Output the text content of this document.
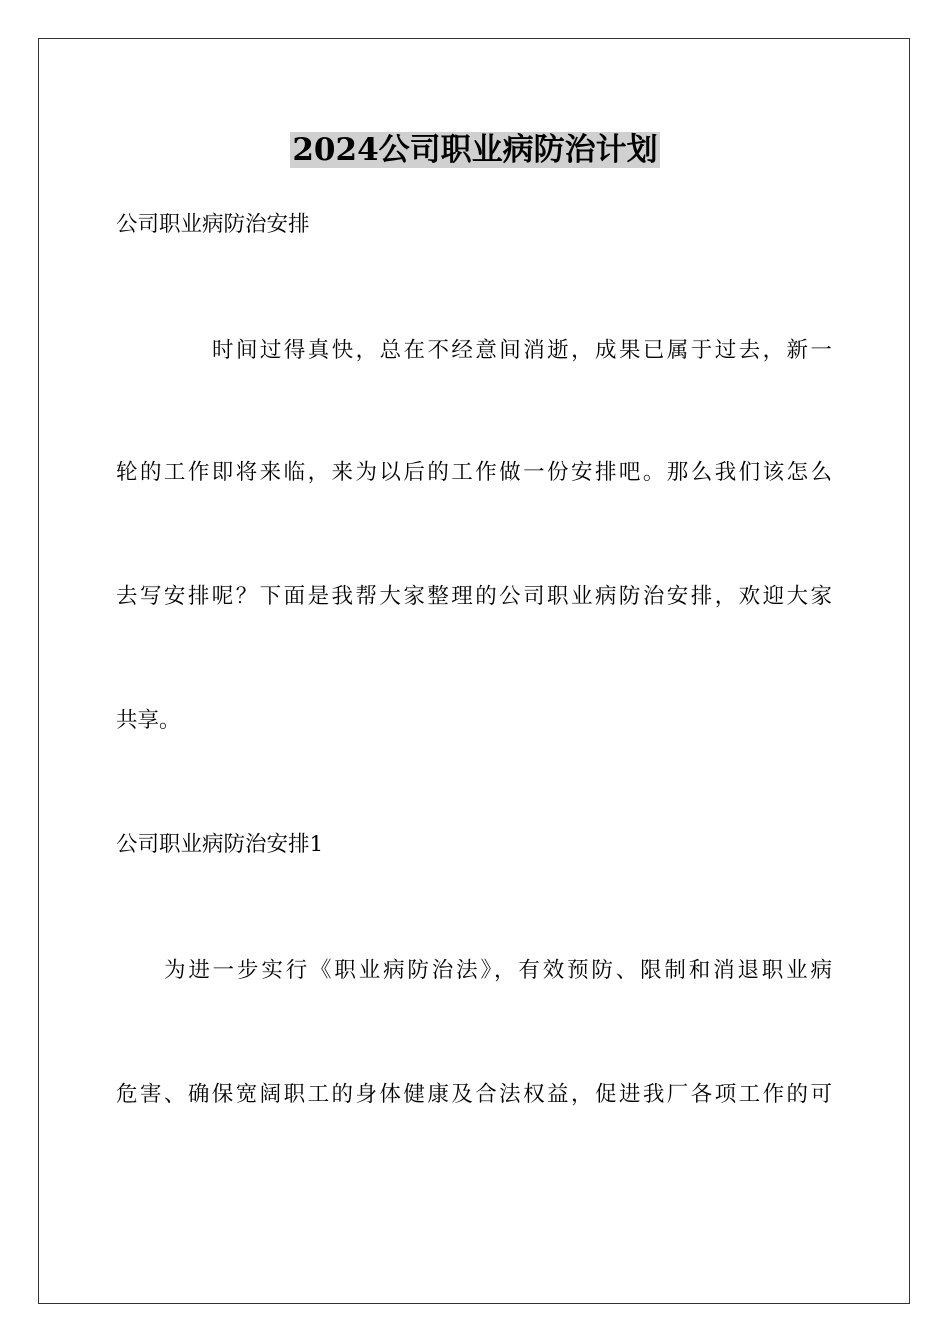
2024公司职业病防治计划
公司职业病防治安排
时间过得真快，总在不经意间消逝，成果已属于过去，新一
轮的工作即将来临，来为以后的工作做一份安排吧。那么我们该怎么
去写安排呢？下面是我帮大家整理的公司职业病防治安排，欢迎大家
共享。
公司职业病防治安排1
为进一步实行《职业病防治法》，有效预防、限制和消退职业病
危害、确保宽阔职工的身体健康及合法权益，促进我厂各项工作的可
